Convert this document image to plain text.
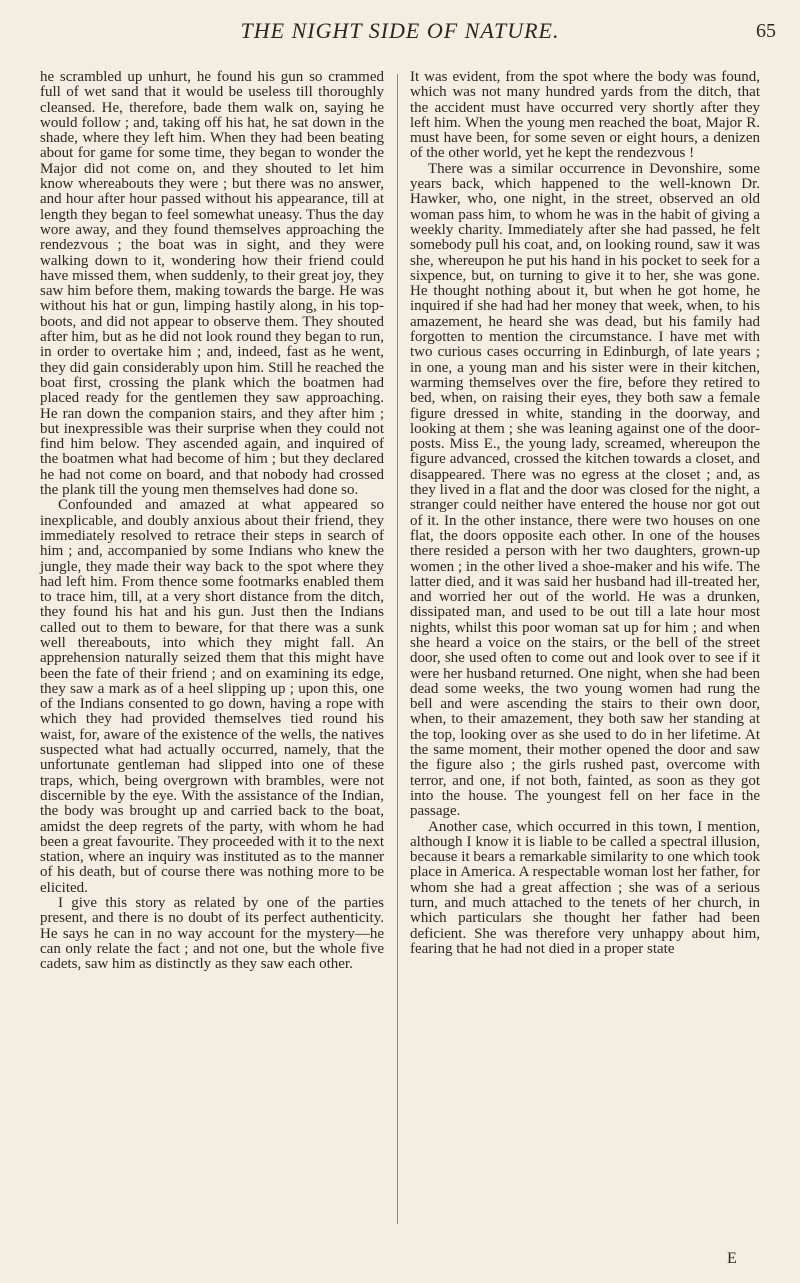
THE NIGHT SIDE OF NATURE.	65

he scrambled up unhurt, he found his gun so crammed full of wet sand that it would be useless till thoroughly cleansed. He, therefore, bade them walk on, saying he would follow ; and, taking off his hat, he sat down in the shade, where they left him. When they had been beating about for game for some time, they began to wonder the Major did not come on, and they shouted to let him know whereabouts they were ; but there was no answer, and hour after hour passed without his appearance, till at length they began to feel somewhat uneasy. Thus the day wore away, and they found themselves approaching the rendezvous ; the boat was in sight, and they were walking down to it, wondering how their friend could have missed them, when suddenly, to their great joy, they saw him before them, making towards the barge. He was without his hat or gun, limping hastily along, in his top-boots, and did not appear to observe them. They shouted after him, but as he did not look round they began to run, in order to overtake him ; and, indeed, fast as he went, they did gain considerably upon him. Still he reached the boat first, crossing the plank which the boatmen had placed ready for the gentlemen they saw approaching. He ran down the companion stairs, and they after him ; but inexpressible was their surprise when they could not find him below. They ascended again, and inquired of the boatmen what had become of him ; but they declared he had not come on board, and that nobody had crossed the plank till the young men themselves had done so.

Confounded and amazed at what appeared so inexplicable, and doubly anxious about their friend, they immediately resolved to retrace their steps in search of him ; and, accompanied by some Indians who knew the jungle, they made their way back to the spot where they had left him. From thence some footmarks enabled them to trace him, till, at a very short distance from the ditch, they found his hat and his gun. Just then the Indians called out to them to beware, for that there was a sunk well thereabouts, into which they might fall. An apprehension naturally seized them that this might have been the fate of their friend ; and on examining its edge, they saw a mark as of a heel slipping up ; upon this, one of the Indians consented to go down, having a rope with which they had provided themselves tied round his waist, for, aware of the existence of the wells, the natives suspected what had actually occurred, namely, that the unfortunate gentleman had slipped into one of these traps, which, being overgrown with brambles, were not discernible by the eye. With the assistance of the Indian, the body was brought up and carried back to the boat, amidst the deep regrets of the party, with whom he had been a great favourite. They proceeded with it to the next station, where an inquiry was instituted as to the manner of his death, but of course there was nothing more to be elicited.

I give this story as related by one of the parties present, and there is no doubt of its perfect authenticity. He says he can in no way account for the mystery—he can only relate the fact ; and not one, but the whole five cadets, saw him as distinctly as they saw each other.

It was evident, from the spot where the body was found, which was not many hundred yards from the ditch, that the accident must have occurred very shortly after they left him. When the young men reached the boat, Major R. must have been, for some seven or eight hours, a denizen of the other world, yet he kept the rendezvous !

There was a similar occurrence in Devonshire, some years back, which happened to the well-known Dr. Hawker, who, one night, in the street, observed an old woman pass him, to whom he was in the habit of giving a weekly charity. Immediately after she had passed, he felt somebody pull his coat, and, on looking round, saw it was she, whereupon he put his hand in his pocket to seek for a sixpence, but, on turning to give it to her, she was gone. He thought nothing about it, but when he got home, he inquired if she had had her money that week, when, to his amazement, he heard she was dead, but his family had forgotten to mention the circumstance. I have met with two curious cases occurring in Edinburgh, of late years ; in one, a young man and his sister were in their kitchen, warming themselves over the fire, before they retired to bed, when, on raising their eyes, they both saw a female figure dressed in white, standing in the doorway, and looking at them ; she was leaning against one of the door-posts. Miss E., the young lady, screamed, whereupon the figure advanced, crossed the kitchen towards a closet, and disappeared. There was no egress at the closet ; and, as they lived in a flat and the door was closed for the night, a stranger could neither have entered the house nor got out of it. In the other instance, there were two houses on one flat, the doors opposite each other. In one of the houses there resided a person with her two daughters, grown-up women ; in the other lived a shoe-maker and his wife. The latter died, and it was said her husband had ill-treated her, and worried her out of the world. He was a drunken, dissipated man, and used to be out till a late hour most nights, whilst this poor woman sat up for him ; and when she heard a voice on the stairs, or the bell of the street door, she used often to come out and look over to see if it were her husband returned. One night, when she had been dead some weeks, the two young women had rung the bell and were ascending the stairs to their own door, when, to their amazement, they both saw her standing at the top, looking over as she used to do in her lifetime. At the same moment, their mother opened the door and saw the figure also ; the girls rushed past, overcome with terror, and one, if not both, fainted, as soon as they got into the house. The youngest fell on her face in the passage.

Another case, which occurred in this town, I mention, although I know it is liable to be called a spectral illusion, because it bears a remarkable similarity to one which took place in America. A respectable woman lost her father, for whom she had a great affection ; she was of a serious turn, and much attached to the tenets of her church, in which particulars she thought her father had been deficient. She was therefore very unhappy about him, fearing that he had not died in a proper state

E
